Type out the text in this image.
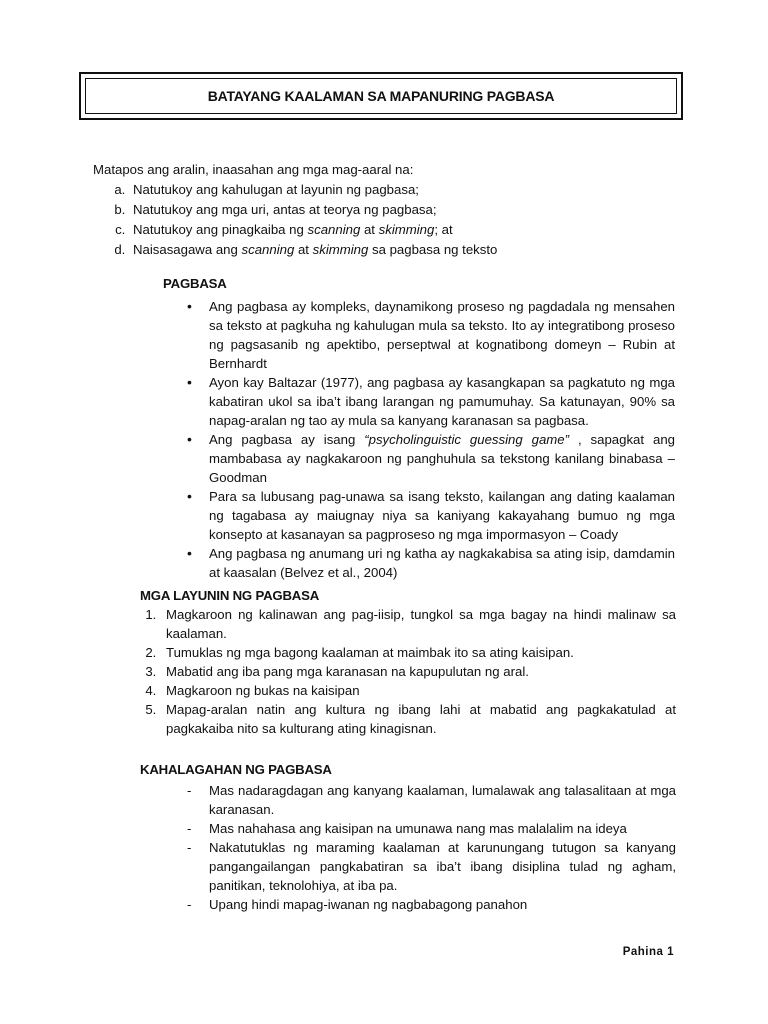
BATAYANG KAALAMAN SA MAPANURING PAGBASA
Matapos ang aralin, inaasahan ang mga mag-aaral na:
a. Natutukoy ang kahulugan at layunin ng pagbasa;
b. Natutukoy ang mga uri, antas at teorya ng pagbasa;
c. Natutukoy ang pinagkaiba ng scanning at skimming; at
d. Naisasagawa ang scanning at skimming sa pagbasa ng teksto
PAGBASA
• Ang pagbasa ay kompleks, daynamikong proseso ng pagdadala ng mensahen sa teksto at pagkuha ng kahulugan mula sa teksto. Ito ay integratibong proseso ng pagsasanib ng apektibo, perseptwal at kognatibong domeyn – Rubin at Bernhardt
• Ayon kay Baltazar (1977), ang pagbasa ay kasangkapan sa pagkatuto ng mga kabatiran ukol sa iba’t ibang larangan ng pamumuhay. Sa katunayan, 90% sa napag-aralan ng tao ay mula sa kanyang karanasan sa pagbasa.
• Ang pagbasa ay isang “psycholinguistic guessing game” , sapagkat ang mambabasa ay nagkakaroon ng panghuhula sa tekstong kanilang binabasa – Goodman
• Para sa lubusang pag-unawa sa isang teksto, kailangan ang dating kaalaman ng tagabasa ay maiugnay niya sa kaniyang kakayahang bumuo ng mga konsepto at kasanayan sa pagproseso ng mga impormasyon – Coady
• Ang pagbasa ng anumang uri ng katha ay nagkakabisa sa ating isip, damdamin at kaasalan (Belvez et al., 2004)
MGA LAYUNIN NG PAGBASA
1. Magkaroon ng kalinawan ang pag-iisip, tungkol sa mga bagay na hindi malinaw sa kaalaman.
2. Tumuklas ng mga bagong kaalaman at maimbak ito sa ating kaisipan.
3. Mabatid ang iba pang mga karanasan na kapupulutan ng aral.
4. Magkaroon ng bukas na kaisipan
5. Mapag-aralan natin ang kultura ng ibang lahi at mabatid ang pagkakatulad at pagkakaiba nito sa kulturang ating kinagisnan.
KAHALAGAHAN NG PAGBASA
- Mas nadaragdagan ang kanyang kaalaman, lumalawak ang talasalitaan at mga karanasan.
- Mas nahahasa ang kaisipan na umunawa nang mas malalalim na ideya
- Nakatutuklas ng maraming kaalaman at karunungang tutugon sa kanyang pangangailangan pangkabatiran sa iba’t ibang disiplina tulad ng agham, panitikan, teknolohiya, at iba pa.
- Upang hindi mapag-iwanan ng nagbabagong panahon
Pahina 1
